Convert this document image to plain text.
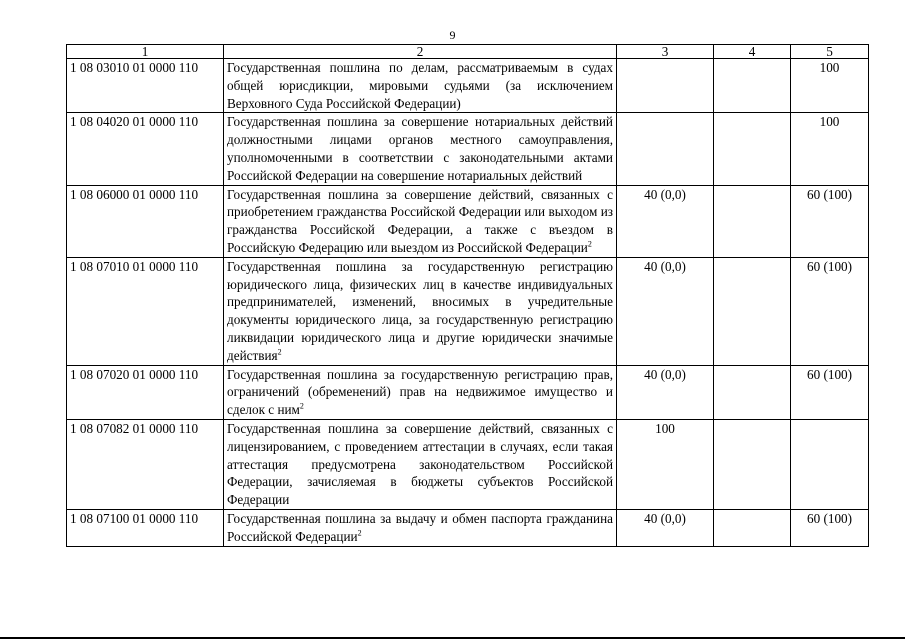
9
1	2	3	4	5
1 08 03010 01 0000 110	Государственная пошлина по делам, рассматриваемым в судах общей юрисдикции, мировыми судьями (за исключением Верховного Суда Российской Федерации)			100
1 08 04020 01 0000 110	Государственная пошлина за совершение нотариальных действий должностными лицами органов местного самоуправления, уполномоченными в соответствии с законодательными актами Российской Федерации на совершение нотариальных действий			100
1 08 06000 01 0000 110	Государственная пошлина за совершение действий, связанных с приобретением гражданства Российской Федерации или выходом из гражданства Российской Федерации, а также с въездом в Российскую Федерацию или выездом из Российской Федерации$^2$	40 (0,0)		60 (100)
1 08 07010 01 0000 110	Государственная пошлина за государственную регистрацию юридического лица, физических лиц в качестве индивидуальных предпринимателей, изменений, вносимых в учредительные документы юридического лица, за государственную регистрацию ликвидации юридического лица и другие юридически значимые действия$^2$	40 (0,0)		60 (100)
1 08 07020 01 0000 110	Государственная пошлина за государственную регистрацию прав, ограничений (обременений) прав на недвижимое имущество и сделок с ним$^2$	40 (0,0)		60 (100)
1 08 07082 01 0000 110	Государственная пошлина за совершение действий, связанных с лицензированием, с проведением аттестации в случаях, если такая аттестация предусмотрена законодательством Российской Федерации, зачисляемая в бюджеты субъектов Российской Федерации	100		
1 08 07100 01 0000 110	Государственная пошлина за выдачу и обмен паспорта гражданина Российской Федерации$^2$	40 (0,0)		60 (100)
